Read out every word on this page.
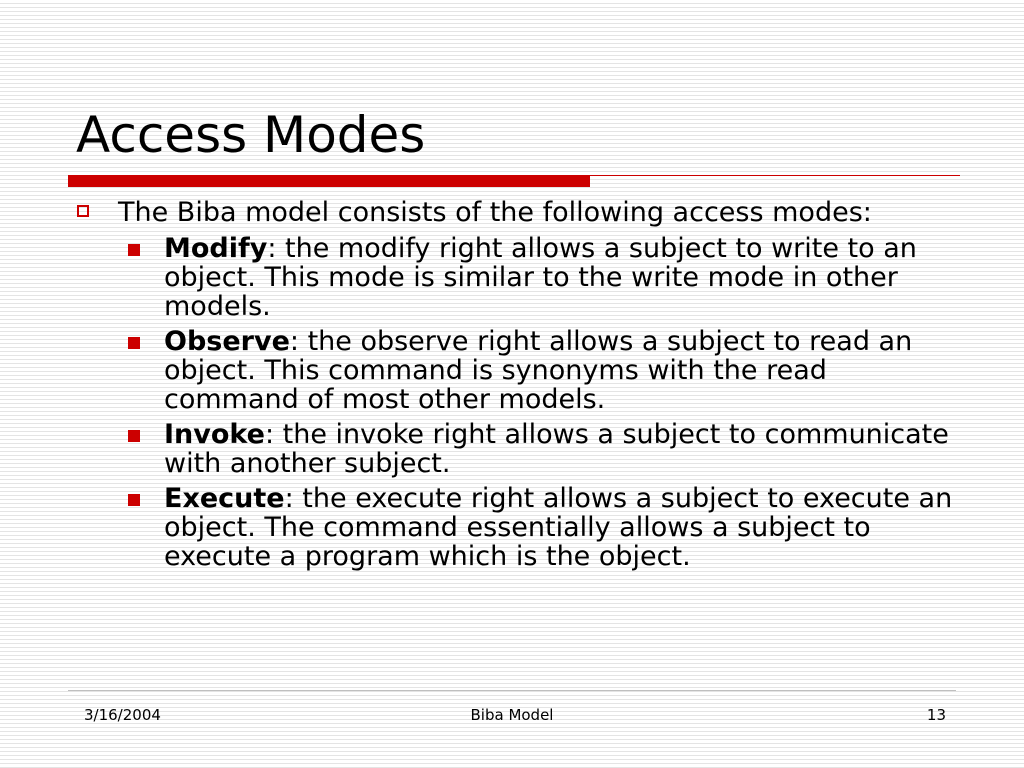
Access Modes
The Biba model consists of the following access modes:
Modify: the modify right allows a subject to write to an object. This mode is similar to the write mode in other models.
Observe: the observe right allows a subject to read an object. This command is synonyms with the read command of most other models.
Invoke: the invoke right allows a subject to communicate with another subject.
Execute: the execute right allows a subject to execute an object. The command essentially allows a subject to execute a program which is the object.
3/16/2004	Biba Model	13
